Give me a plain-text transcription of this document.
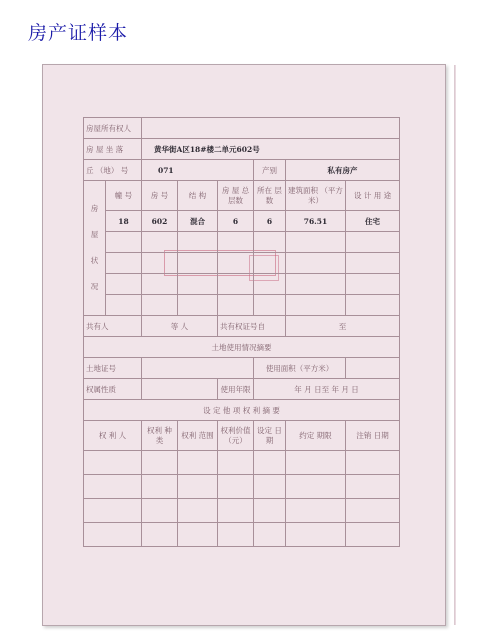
房产证样本
房屋所有权人							
房 屋 坐 落		黄华街A区18#楼二单元602号					
丘 （地） 号		071			产别	私有房产	

房屋状况	幢 号	房 号	结 构	房 屋 总层数	所在 层数	建筑面积 （平方米）	设 计 用 途
	18	602	混合	6	6	76.51	住宅

共有人		等 人		共有权证号自		至	
土地使用情况摘要							
土地证号					使用面积（平方米）		
权属性质				使用年限	年 月 日至 年 月 日		
设 定 他 项 权 利 摘 要							
权 利 人		权利 种类	权利 范围	权利价值 （元）	设定 日期	约定 期限	注销 日期
